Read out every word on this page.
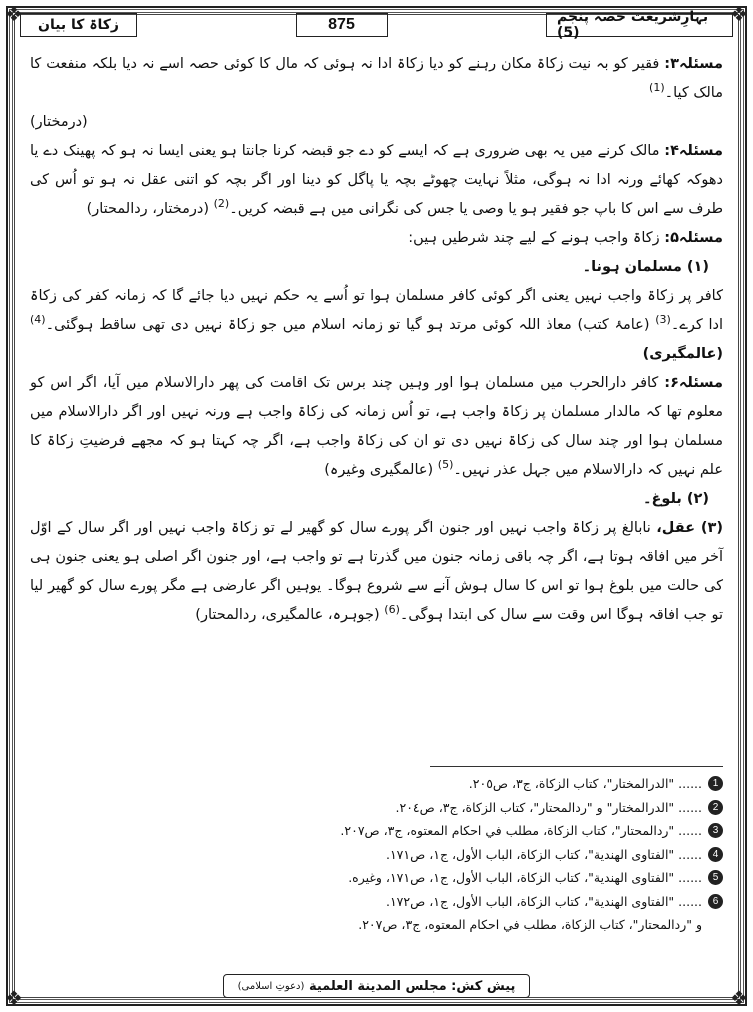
❖	❖
❖	❖
زکاۃ کا بیان	875	بہارِشریعت حصہ پنجم (5)

مسئلہ۳: فقیر کو بہ نیت زکاۃ مکان رہنے کو دیا زکاۃ ادا نہ ہوئی کہ مال کا کوئی حصہ اسے نہ دیا بلکہ منفعت کا مالک کیا۔$^{(1)}$

(درمختار)

مسئلہ۴: مالک کرنے میں یہ بھی ضروری ہے کہ ایسے کو دے جو قبضہ کرنا جانتا ہو یعنی ایسا نہ ہو کہ پھینک دے یا دھوکہ کھائے ورنہ ادا نہ ہوگی، مثلاً نہایت چھوٹے بچہ یا پاگل کو دینا اور اگر بچہ کو اتنی عقل نہ ہو تو اُس کی طرف سے اس کا باپ جو فقیر ہو یا وصی یا جس کی نگرانی میں ہے قبضہ کریں۔$^{(2)}$ (درمختار، ردالمحتار)

مسئلہ۵: زکاۃ واجب ہونے کے لیے چند شرطیں ہیں:

(۱) مسلمان ہونا۔

کافر پر زکاۃ واجب نہیں یعنی اگر کوئی کافر مسلمان ہوا تو اُسے یہ حکم نہیں دیا جائے گا کہ زمانہ کفر کی زکاۃ ادا کرے۔$^{(3)}$ (عامۂ کتب) معاذ اللہ کوئی مرتد ہو گیا تو زمانہ اسلام میں جو زکاۃ نہیں دی تھی ساقط ہوگئی۔$^{(4)}$ (عالمگیری)

مسئلہ۶: کافر دارالحرب میں مسلمان ہوا اور وہیں چند برس تک اقامت کی پھر دارالاسلام میں آیا، اگر اس کو معلوم تھا کہ مالدار مسلمان پر زکاۃ واجب ہے، تو اُس زمانہ کی زکاۃ واجب ہے ورنہ نہیں اور اگر دارالاسلام میں مسلمان ہوا اور چند سال کی زکاۃ نہیں دی تو ان کی زکاۃ واجب ہے، اگر چہ کہتا ہو کہ مجھے فرضیتِ زکاۃ کا علم نہیں کہ دارالاسلام میں جہل عذر نہیں۔$^{(5)}$ (عالمگیری وغیرہ)

(۲) بلوغ۔

(۳) عقل، نابالغ پر زکاۃ واجب نہیں اور جنون اگر پورے سال کو گھیر لے تو زکاۃ واجب نہیں اور اگر سال کے اوّل آخر میں افاقہ ہوتا ہے، اگر چہ باقی زمانہ جنون میں گذرتا ہے تو واجب ہے، اور جنون اگر اصلی ہو یعنی جنون ہی کی حالت میں بلوغ ہوا تو اس کا سال ہوش آنے سے شروع ہوگا۔ یوہیں اگر عارضی ہے مگر پورے سال کو گھیر لیا تو جب افاقہ ہوگا اس وقت سے سال کی ابتدا ہوگی۔$^{(6)}$ (جوہرہ، عالمگیری، ردالمحتار)

1
...... "الدرالمختار"، كتاب الزكاة، ج٣، ص٢٠٥.
2
...... "الدرالمختار" و "ردالمحتار"، كتاب الزكاة، ج٣، ص٢٠٤.
3
...... "ردالمحتار"، كتاب الزكاة، مطلب في احكام المعتوه، ج٣، ص٢٠٧.
4
...... "الفتاوى الهندية"، كتاب الزكاة، الباب الأول، ج١، ص١٧١.
5
...... "الفتاوى الهندية"، كتاب الزكاة، الباب الأول، ج١، ص١٧١، وغيره.
6
...... "الفتاوى الهندية"، كتاب الزكاة، الباب الأول، ج١، ص١٧٢.
و "ردالمحتار"، كتاب الزكاة، مطلب في احكام المعتوه، ج٣، ص٢٠٧.
پیش کش:

مجلس المدينة العلمية

(دعوتِ اسلامی)
